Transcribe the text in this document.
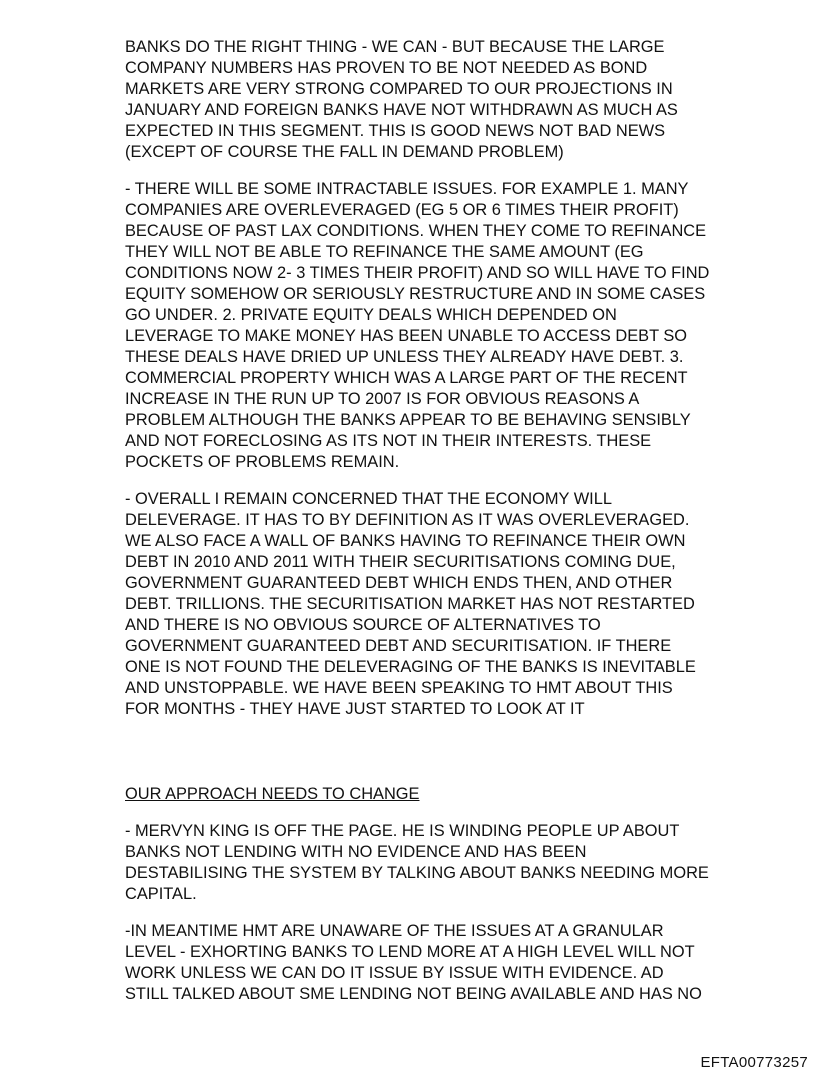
BANKS DO THE RIGHT THING - WE CAN - BUT BECAUSE THE LARGE
COMPANY NUMBERS HAS PROVEN TO BE NOT NEEDED AS BOND
MARKETS ARE VERY STRONG COMPARED TO OUR PROJECTIONS IN
JANUARY AND FOREIGN BANKS HAVE NOT WITHDRAWN AS MUCH AS
EXPECTED IN THIS SEGMENT. THIS IS GOOD NEWS NOT BAD NEWS
(EXCEPT OF COURSE THE FALL IN DEMAND PROBLEM)

- THERE WILL BE SOME INTRACTABLE ISSUES. FOR EXAMPLE 1. MANY
COMPANIES ARE OVERLEVERAGED (EG 5 OR 6 TIMES THEIR PROFIT)
BECAUSE OF PAST LAX CONDITIONS. WHEN THEY COME TO REFINANCE
THEY WILL NOT BE ABLE TO REFINANCE THE SAME AMOUNT (EG
CONDITIONS NOW 2- 3 TIMES THEIR PROFIT) AND SO WILL HAVE TO FIND
EQUITY SOMEHOW OR SERIOUSLY RESTRUCTURE AND IN SOME CASES
GO UNDER. 2. PRIVATE EQUITY DEALS WHICH DEPENDED ON
LEVERAGE TO MAKE MONEY HAS BEEN UNABLE TO ACCESS DEBT SO
THESE DEALS HAVE DRIED UP UNLESS THEY ALREADY HAVE DEBT. 3.
COMMERCIAL PROPERTY WHICH WAS A LARGE PART OF THE RECENT
INCREASE IN THE RUN UP TO 2007 IS FOR OBVIOUS REASONS A
PROBLEM ALTHOUGH THE BANKS APPEAR TO BE BEHAVING SENSIBLY
AND NOT FORECLOSING AS ITS NOT IN THEIR INTERESTS. THESE
POCKETS OF PROBLEMS REMAIN.

- OVERALL I REMAIN CONCERNED THAT THE ECONOMY WILL
DELEVERAGE. IT HAS TO BY DEFINITION AS IT WAS OVERLEVERAGED.
WE ALSO FACE A WALL OF BANKS HAVING TO REFINANCE THEIR OWN
DEBT IN 2010 AND 2011 WITH THEIR SECURITISATIONS COMING DUE,
GOVERNMENT GUARANTEED DEBT WHICH ENDS THEN, AND OTHER
DEBT. TRILLIONS. THE SECURITISATION MARKET HAS NOT RESTARTED
AND THERE IS NO OBVIOUS SOURCE OF ALTERNATIVES TO
GOVERNMENT GUARANTEED DEBT AND SECURITISATION. IF THERE
ONE IS NOT FOUND THE DELEVERAGING OF THE BANKS IS INEVITABLE
AND UNSTOPPABLE. WE HAVE BEEN SPEAKING TO HMT ABOUT THIS
FOR MONTHS - THEY HAVE JUST STARTED TO LOOK AT IT

OUR APPROACH NEEDS TO CHANGE

- MERVYN KING IS OFF THE PAGE. HE IS WINDING PEOPLE UP ABOUT
BANKS NOT LENDING WITH NO EVIDENCE AND HAS BEEN
DESTABILISING THE SYSTEM BY TALKING ABOUT BANKS NEEDING MORE
CAPITAL.

-IN MEANTIME HMT ARE UNAWARE OF THE ISSUES AT A GRANULAR
LEVEL - EXHORTING BANKS TO LEND MORE AT A HIGH LEVEL WILL NOT
WORK UNLESS WE CAN DO IT ISSUE BY ISSUE WITH EVIDENCE. AD
STILL TALKED ABOUT SME LENDING NOT BEING AVAILABLE AND HAS NO

EFTA00773257
